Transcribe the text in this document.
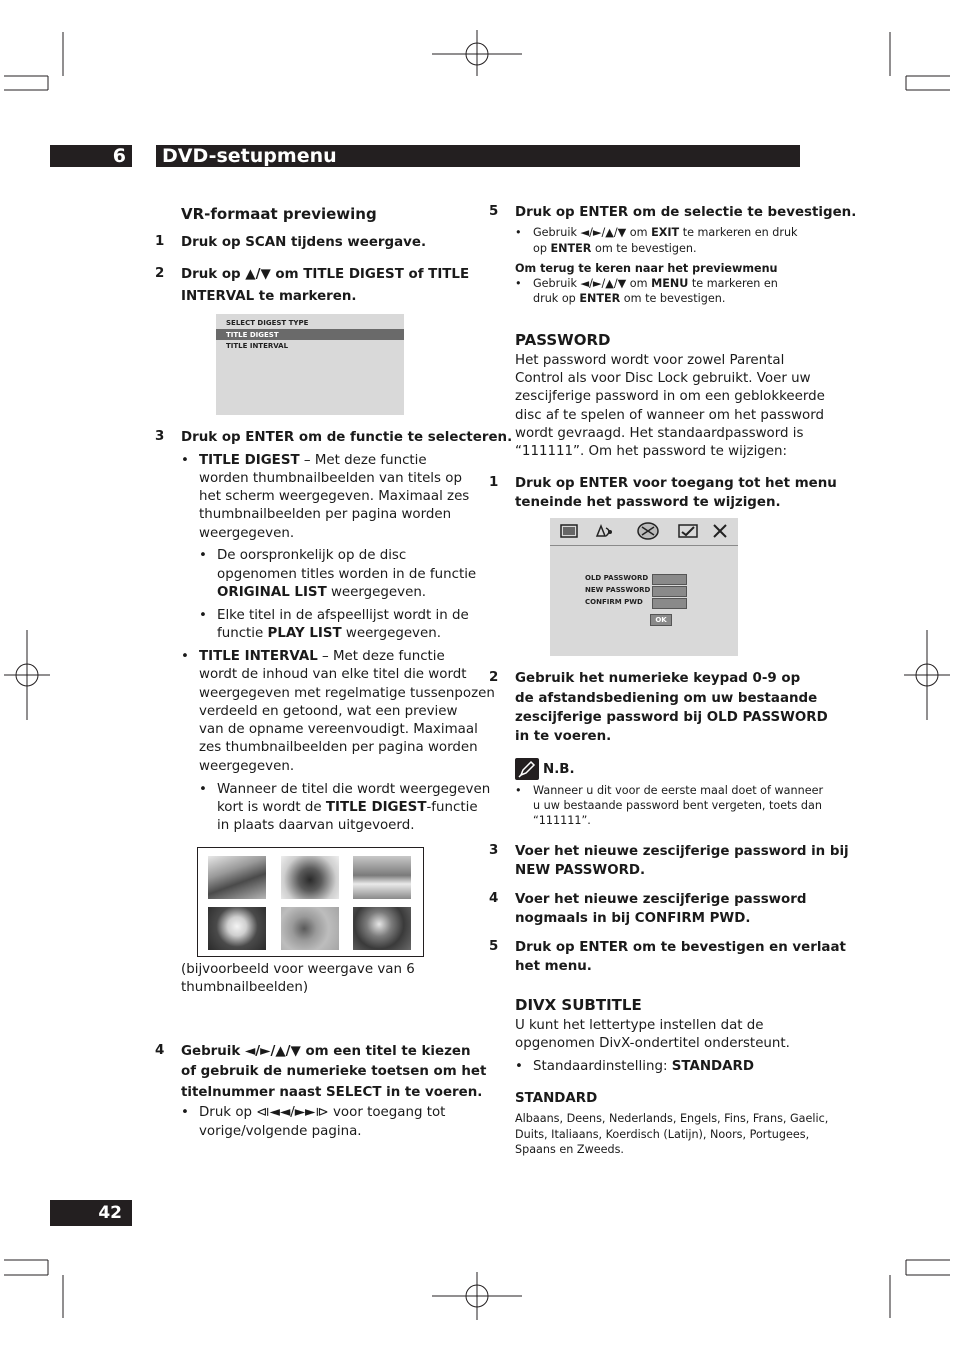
6	DVD-setupmenu
VR-formaat previewing
1 Druk op SCAN tijdens weergave.
2 Druk op ▲/▼ om TITLE DIGEST of TITLE
INTERVAL te markeren.
SELECT DIGEST TYPE
TITLE DIGEST
TITLE INTERVAL
3 Druk op ENTER om de functie te selecteren.
• TITLE DIGEST – Met deze functie
worden thumbnailbeelden van titels op
het scherm weergegeven. Maximaal zes
thumbnailbeelden per pagina worden
weergegeven.
• De oorspronkelijk op de disc
opgenomen titles worden in de functie
ORIGINAL LIST weergegeven.
• Elke titel in de afspeellijst wordt in de
functie PLAY LIST weergegeven.
• TITLE INTERVAL – Met deze functie
wordt de inhoud van elke titel die wordt
weergegeven met regelmatige tussenpozen
verdeeld en getoond, wat een preview
van de opname vereenvoudigt. Maximaal
zes thumbnailbeelden per pagina worden
weergegeven.
• Wanneer de titel die wordt weergegeven
kort is wordt de TITLE DIGEST-functie
in plaats daarvan uitgevoerd.
(bijvoorbeeld voor weergave van 6
thumbnailbeelden)
4 Gebruik ◄/►/▲/▼ om een titel te kiezen
of gebruik de numerieke toetsen om het
titelnummer naast SELECT in te voeren.
• Druk op ⧏◄◄/►►⧐ voor toegang tot
vorige/volgende pagina.
5 Druk op ENTER om de selectie te bevestigen.
• Gebruik ◄/►/▲/▼ om EXIT te markeren en druk
op ENTER om te bevestigen.
Om terug te keren naar het previewmenu
• Gebruik ◄/►/▲/▼ om MENU te markeren en
druk op ENTER om te bevestigen.
PASSWORD
Het password wordt voor zowel Parental
Control als voor Disc Lock gebruikt. Voer uw
zescijferige password in om een geblokkeerde
disc af te spelen of wanneer om het password
wordt gevraagd. Het standaardpassword is
“111111”. Om het password te wijzigen:
1 Druk op ENTER voor toegang tot het menu
teneinde het password te wijzigen.
OLD PASSWORD
NEW PASSWORD
CONFIRM PWD
OK
2 Gebruik het numerieke keypad 0-9 op
de afstandsbediening om uw bestaande
zescijferige password bij OLD PASSWORD
in te voeren.
N.B.
• Wanneer u dit voor de eerste maal doet of wanneer
u uw bestaande password bent vergeten, toets dan
“111111”.
3 Voer het nieuwe zescijferige password in bij
NEW PASSWORD.
4 Voer het nieuwe zescijferige password
nogmaals in bij CONFIRM PWD.
5 Druk op ENTER om te bevestigen en verlaat
het menu.
DIVX SUBTITLE
U kunt het lettertype instellen dat de
opgenomen DivX-ondertitel ondersteunt.
• Standaardinstelling: STANDARD
STANDARD
Albaans, Deens, Nederlands, Engels, Fins, Frans, Gaelic,
Duits, Italiaans, Koerdisch (Latijn), Noors, Portugees,
Spaans en Zweeds.
42
